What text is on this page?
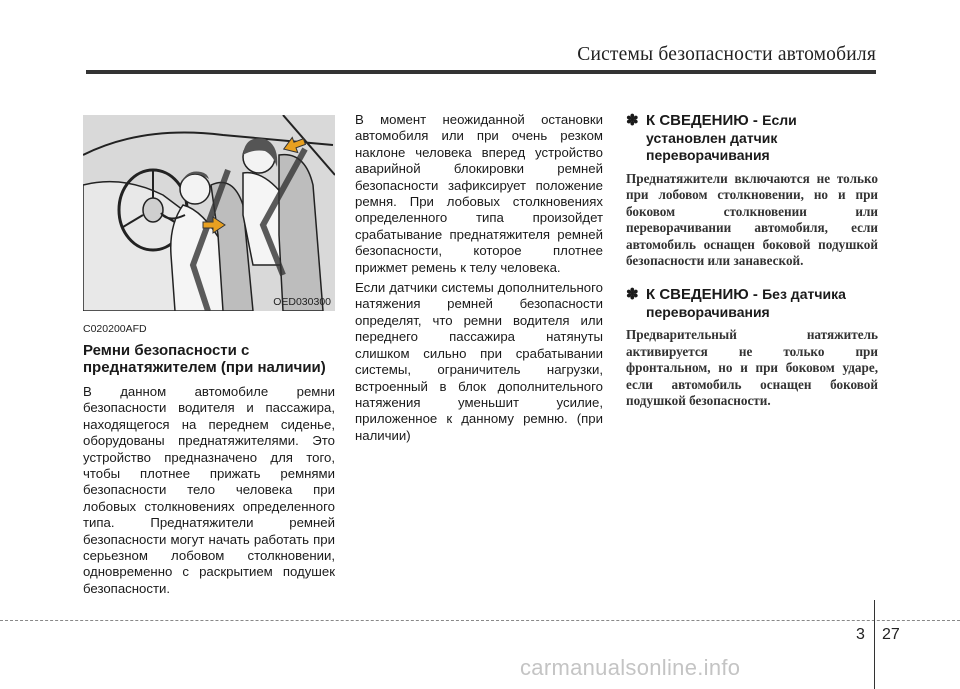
Системы безопасности автомобиля
OED030300
C020200AFD
Ремни безопасности с преднатяжителем (при наличии)
В данном автомобиле ремни безопасности водителя и пассажира, находящегося на переднем сиденье, оборудованы преднатяжителями. Это устройство предназначено для того, чтобы плотнее прижать ремнями безопасности тело человека при лобовых столкновениях определенного типа. Преднатяжители ремней безопасности могут начать работать при серьезном лобовом столкновении, одновременно с раскрытием подушек безопасности.
В момент неожиданной остановки автомобиля или при очень резком наклоне человека вперед устройство аварийной блокировки ремней безопасности зафиксирует положение ремня. При лобовых столкновениях определенного типа произойдет срабатывание преднатяжителя ремней безопасности, которое плотнее прижмет ремень к телу человека.
Если датчики системы дополнительного натяжения ремней безопасности определят, что ремни водителя или переднего пассажира натянуты слишком сильно при срабатывании системы, ограничитель нагрузки, встроенный в блок дополнительного натяжения уменьшит усилие, приложенное к данному ремню. (при наличии)
✽ К СВЕДЕНИЮ - Если установлен датчик переворачивания
Преднатяжители включаются не только при лобовом столкновении, но и при боковом столкновении или переворачивании автомобиля, если автомобиль оснащен боковой подушкой безопасности или занавеской.
✽ К СВЕДЕНИЮ - Без датчика переворачивания
Предварительный натяжитель активируется не только при фронтальном, но и при боковом ударе, если автомобиль оснащен боковой подушкой безопасности.
3 27
carmanualsonline.info
